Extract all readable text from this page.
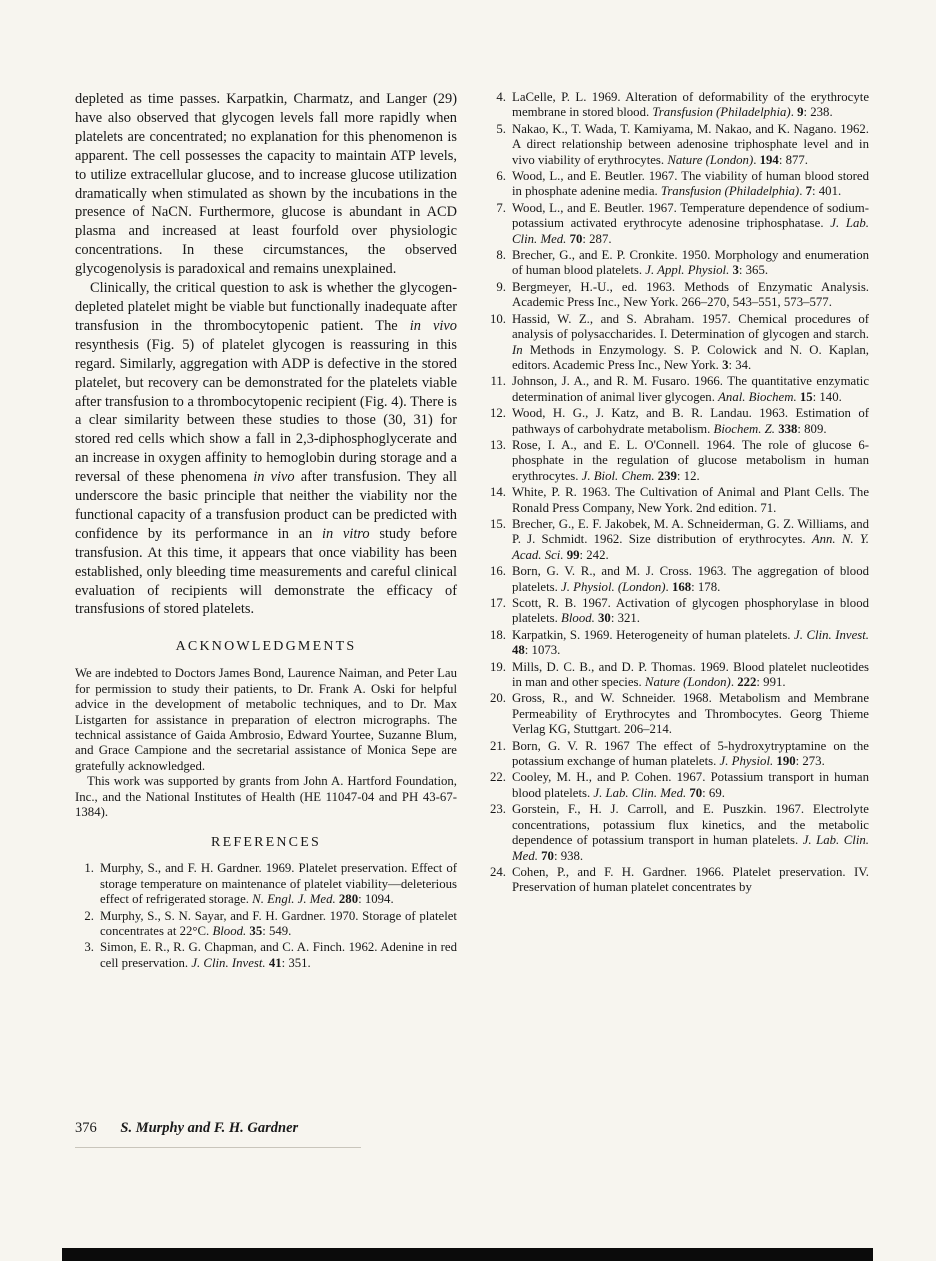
depleted as time passes. Karpatkin, Charmatz, and Langer (29) have also observed that glycogen levels fall more rapidly when platelets are concentrated; no explanation for this phenomenon is apparent. The cell possesses the capacity to maintain ATP levels, to utilize extracellular glucose, and to increase glucose utilization dramatically when stimulated as shown by the incubations in the presence of NaCN. Furthermore, glucose is abundant in ACD plasma and increased at least fourfold over physiologic concentrations. In these circumstances, the observed glycogenolysis is paradoxical and remains unexplained.

Clinically, the critical question to ask is whether the glycogen-depleted platelet might be viable but functionally inadequate after transfusion in the thrombocytopenic patient. The in vivo resynthesis (Fig. 5) of platelet glycogen is reassuring in this regard. Similarly, aggregation with ADP is defective in the stored platelet, but recovery can be demonstrated for the platelets viable after transfusion to a thrombocytopenic recipient (Fig. 4). There is a clear similarity between these studies to those (30, 31) for stored red cells which show a fall in 2,3-diphosphoglycerate and an increase in oxygen affinity to hemoglobin during storage and a reversal of these phenomena in vivo after transfusion. They all underscore the basic principle that neither the viability nor the functional capacity of a transfusion product can be predicted with confidence by its performance in an in vitro study before transfusion. At this time, it appears that once viability has been established, only bleeding time measurements and careful clinical evaluation of recipients will demonstrate the efficacy of transfusions of stored platelets.

ACKNOWLEDGMENTS

We are indebted to Doctors James Bond, Laurence Naiman, and Peter Lau for permission to study their patients, to Dr. Frank A. Oski for helpful advice in the development of metabolic techniques, and to Dr. Max Listgarten for assistance in preparation of electron micrographs. The technical assistance of Gaida Ambrosio, Edward Yourtee, Suzanne Blum, and Grace Campione and the secretarial assistance of Monica Sepe are gratefully acknowledged.

This work was supported by grants from John A. Hartford Foundation, Inc., and the National Institutes of Health (HE 11047-04 and PH 43-67-1384).

REFERENCES
1. Murphy, S., and F. H. Gardner. 1969. Platelet preservation. Effect of storage temperature on maintenance of platelet viability—deleterious effect of refrigerated storage. N. Engl. J. Med. 280: 1094.
2. Murphy, S., S. N. Sayar, and F. H. Gardner. 1970. Storage of platelet concentrates at 22°C. Blood. 35: 549.
3. Simon, E. R., R. G. Chapman, and C. A. Finch. 1962. Adenine in red cell preservation. J. Clin. Invest. 41: 351.
4. LaCelle, P. L. 1969. Alteration of deformability of the erythrocyte membrane in stored blood. Transfusion (Philadelphia). 9: 238.
5. Nakao, K., T. Wada, T. Kamiyama, M. Nakao, and K. Nagano. 1962. A direct relationship between adenosine triphosphate level and in vivo viability of erythrocytes. Nature (London). 194: 877.
6. Wood, L., and E. Beutler. 1967. The viability of human blood stored in phosphate adenine media. Transfusion (Philadelphia). 7: 401.
7. Wood, L., and E. Beutler. 1967. Temperature dependence of sodium-potassium activated erythrocyte adenosine triphosphatase. J. Lab. Clin. Med. 70: 287.
8. Brecher, G., and E. P. Cronkite. 1950. Morphology and enumeration of human blood platelets. J. Appl. Physiol. 3: 365.
9. Bergmeyer, H.-U., ed. 1963. Methods of Enzymatic Analysis. Academic Press Inc., New York. 266–270, 543–551, 573–577.
10. Hassid, W. Z., and S. Abraham. 1957. Chemical procedures of analysis of polysaccharides. I. Determination of glycogen and starch. In Methods in Enzymology. S. P. Colowick and N. O. Kaplan, editors. Academic Press Inc., New York. 3: 34.
11. Johnson, J. A., and R. M. Fusaro. 1966. The quantitative enzymatic determination of animal liver glycogen. Anal. Biochem. 15: 140.
12. Wood, H. G., J. Katz, and B. R. Landau. 1963. Estimation of pathways of carbohydrate metabolism. Biochem. Z. 338: 809.
13. Rose, I. A., and E. L. O'Connell. 1964. The role of glucose 6-phosphate in the regulation of glucose metabolism in human erythrocytes. J. Biol. Chem. 239: 12.
14. White, P. R. 1963. The Cultivation of Animal and Plant Cells. The Ronald Press Company, New York. 2nd edition. 71.
15. Brecher, G., E. F. Jakobek, M. A. Schneiderman, G. Z. Williams, and P. J. Schmidt. 1962. Size distribution of erythrocytes. Ann. N. Y. Acad. Sci. 99: 242.
16. Born, G. V. R., and M. J. Cross. 1963. The aggregation of blood platelets. J. Physiol. (London). 168: 178.
17. Scott, R. B. 1967. Activation of glycogen phosphorylase in blood platelets. Blood. 30: 321.
18. Karpatkin, S. 1969. Heterogeneity of human platelets. J. Clin. Invest. 48: 1073.
19. Mills, D. C. B., and D. P. Thomas. 1969. Blood platelet nucleotides in man and other species. Nature (London). 222: 991.
20. Gross, R., and W. Schneider. 1968. Metabolism and Membrane Permeability of Erythrocytes and Thrombocytes. Georg Thieme Verlag KG, Stuttgart. 206–214.
21. Born, G. V. R. 1967 The effect of 5-hydroxytryptamine on the potassium exchange of human platelets. J. Physiol. 190: 273.
22. Cooley, M. H., and P. Cohen. 1967. Potassium transport in human blood platelets. J. Lab. Clin. Med. 70: 69.
23. Gorstein, F., H. J. Carroll, and E. Puszkin. 1967. Electrolyte concentrations, potassium flux kinetics, and the metabolic dependence of potassium transport in human platelets. J. Lab. Clin. Med. 70: 938.
24. Cohen, P., and F. H. Gardner. 1966. Platelet preservation. IV. Preservation of human platelet concentrates by
376 S. Murphy and F. H. Gardner
